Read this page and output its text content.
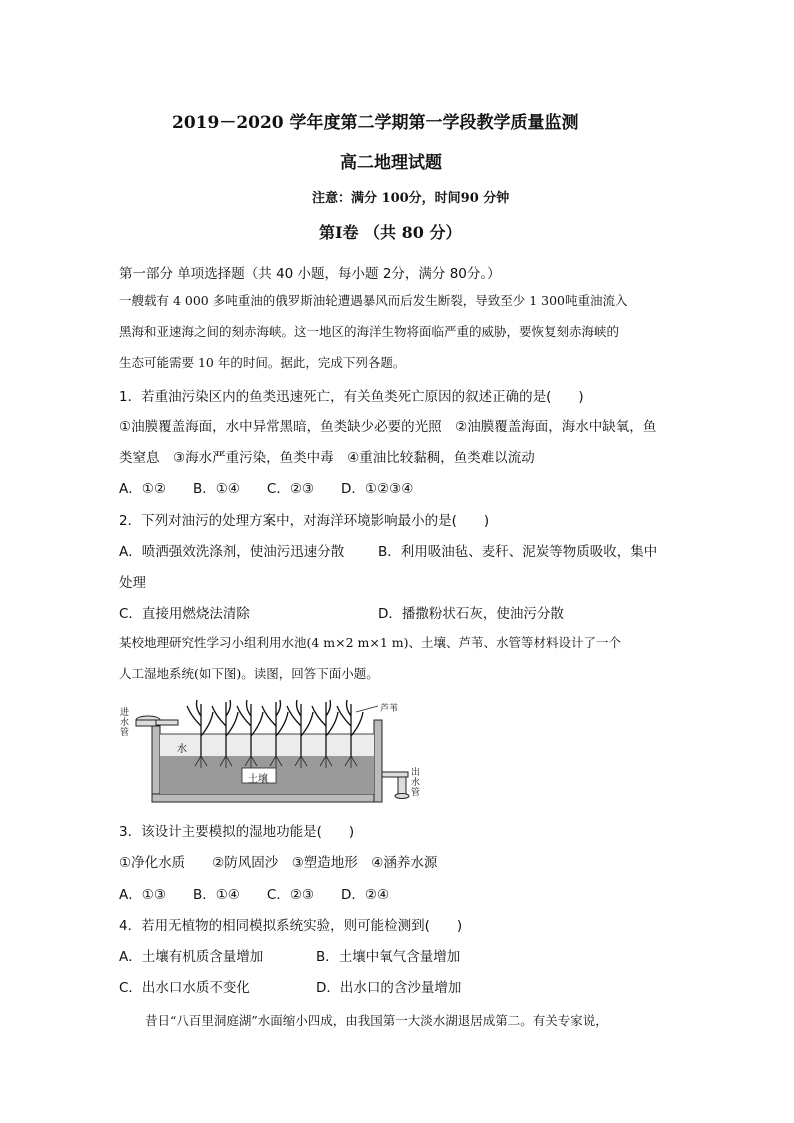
2019－2020 学年度第二学期第一学段教学质量监测
高二地理试题
注意：满分 100分，时间90 分钟
第Ⅰ卷 （共 80 分）
第一部分 单项选择题（共 40 小题，每小题 2分，满分 80分。）
一艘载有 4 000 多吨重油的俄罗斯油轮遭遇暴风而后发生断裂，导致至少 1 300吨重油流入
黑海和亚速海之间的刻赤海峡。这一地区的海洋生物将面临严重的威胁，要恢复刻赤海峡的
生态可能需要 10 年的时间。据此，完成下列各题。
1．若重油污染区内的鱼类迅速死亡，有关鱼类死亡原因的叙述正确的是(　　)
①油膜覆盖海面，水中异常黑暗，鱼类缺少必要的光照　②油膜覆盖海面，海水中缺氧，鱼
类窒息　③海水严重污染，鱼类中毒　④重油比较黏稠，鱼类难以流动
A．①②　　B．①④　　C．②③　　D．①②③④
2．下列对油污的处理方案中，对海洋环境影响最小的是(　　)
A．喷洒强效洗涤剂，使油污迅速分散	B．利用吸油毡、麦秆、泥炭等物质吸收，集中
处理
C．直接用燃烧法清除	D．播撒粉状石灰，使油污分散
某校地理研究性学习小组利用水池(4 m×2 m×1 m)、土壤、芦苇、水管等材料设计了一个
人工湿地系统(如下图)。读图，回答下面小题。
进
水
管
芦苇
水
土壤
出
水
管
3．该设计主要模拟的湿地功能是(　　)
①净化水质　　②防风固沙　③塑造地形　④涵养水源
A．①③　　B．①④　　C．②③　　D．②④
4．若用无植物的相同模拟系统实验，则可能检测到(　　)
A．土壤有机质含量增加	B．土壤中氧气含量增加
C．出水口水质不变化	D．出水口的含沙量增加
昔日“八百里洞庭湖”水面缩小四成，由我国第一大淡水湖退居成第二。有关专家说，
